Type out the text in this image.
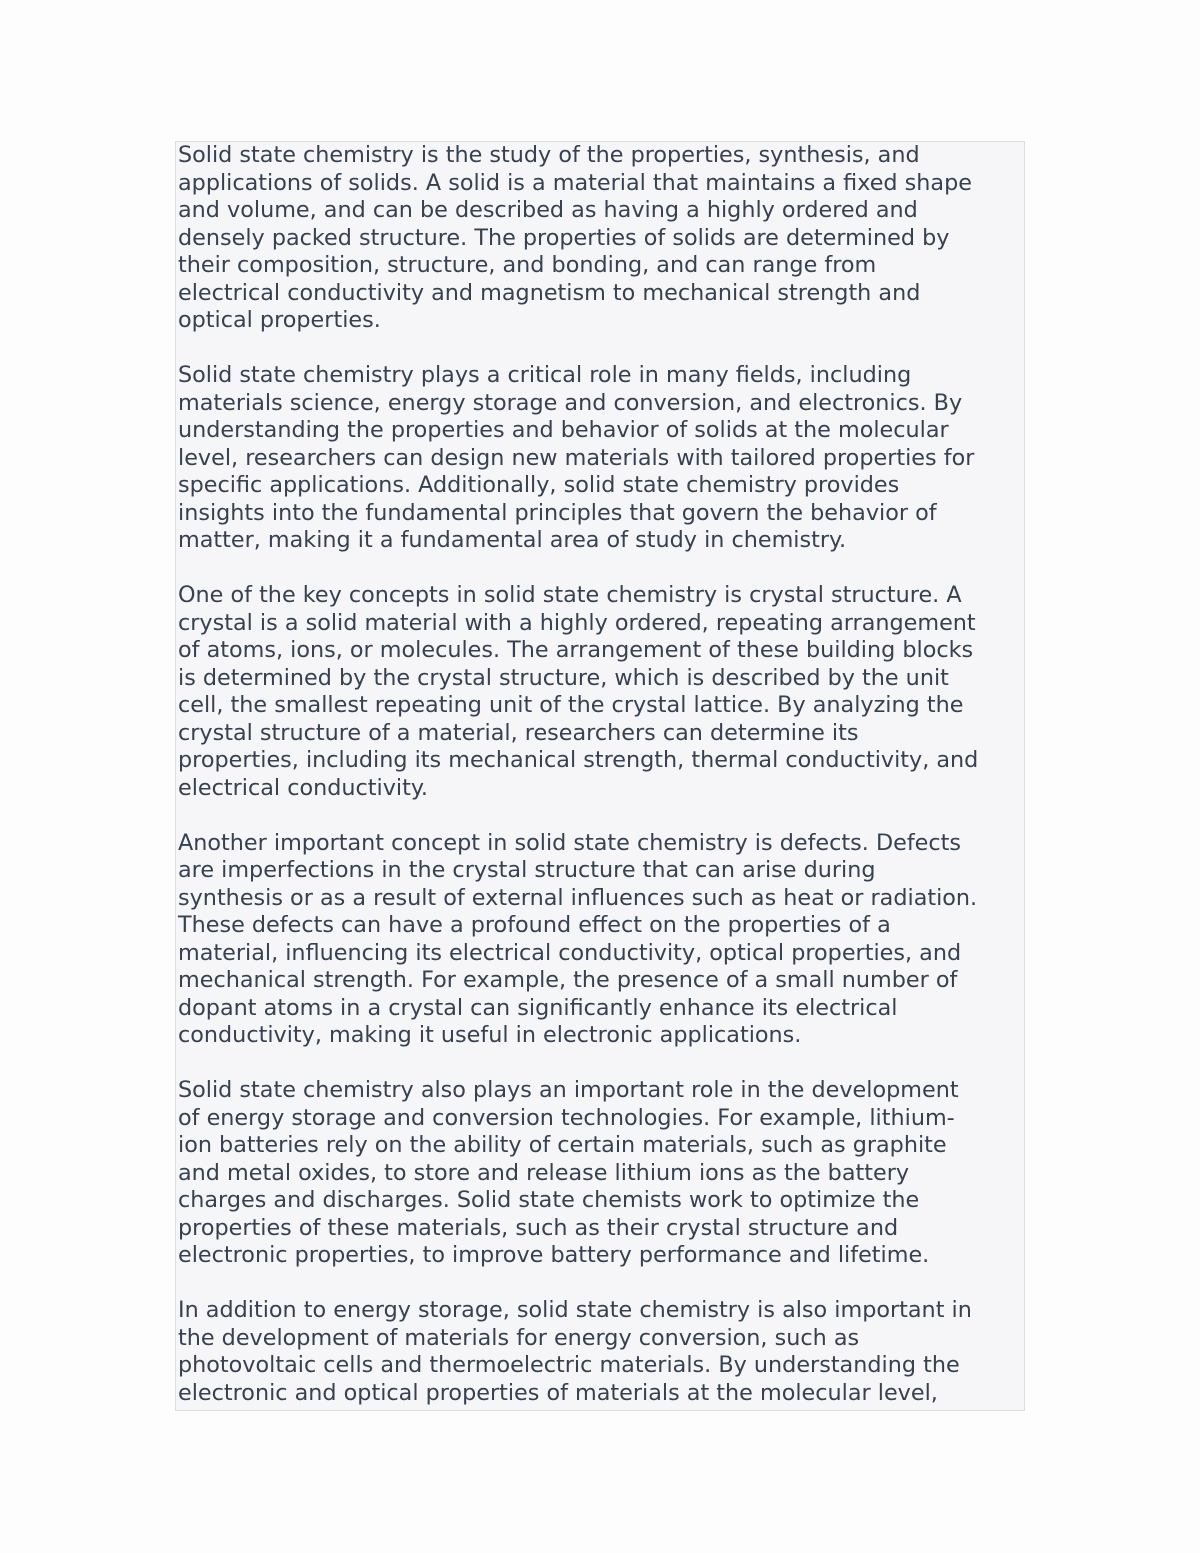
Solid state chemistry is the study of the properties, synthesis, and
applications of solids. A solid is a material that maintains a fixed shape
and volume, and can be described as having a highly ordered and
densely packed structure. The properties of solids are determined by
their composition, structure, and bonding, and can range from
electrical conductivity and magnetism to mechanical strength and
optical properties.

Solid state chemistry plays a critical role in many fields, including
materials science, energy storage and conversion, and electronics. By
understanding the properties and behavior of solids at the molecular
level, researchers can design new materials with tailored properties for
specific applications. Additionally, solid state chemistry provides
insights into the fundamental principles that govern the behavior of
matter, making it a fundamental area of study in chemistry.

One of the key concepts in solid state chemistry is crystal structure. A
crystal is a solid material with a highly ordered, repeating arrangement
of atoms, ions, or molecules. The arrangement of these building blocks
is determined by the crystal structure, which is described by the unit
cell, the smallest repeating unit of the crystal lattice. By analyzing the
crystal structure of a material, researchers can determine its
properties, including its mechanical strength, thermal conductivity, and
electrical conductivity.

Another important concept in solid state chemistry is defects. Defects
are imperfections in the crystal structure that can arise during
synthesis or as a result of external influences such as heat or radiation.
These defects can have a profound effect on the properties of a
material, influencing its electrical conductivity, optical properties, and
mechanical strength. For example, the presence of a small number of
dopant atoms in a crystal can significantly enhance its electrical
conductivity, making it useful in electronic applications.

Solid state chemistry also plays an important role in the development
of energy storage and conversion technologies. For example, lithium-
ion batteries rely on the ability of certain materials, such as graphite
and metal oxides, to store and release lithium ions as the battery
charges and discharges. Solid state chemists work to optimize the
properties of these materials, such as their crystal structure and
electronic properties, to improve battery performance and lifetime.

In addition to energy storage, solid state chemistry is also important in
the development of materials for energy conversion, such as
photovoltaic cells and thermoelectric materials. By understanding the
electronic and optical properties of materials at the molecular level,
